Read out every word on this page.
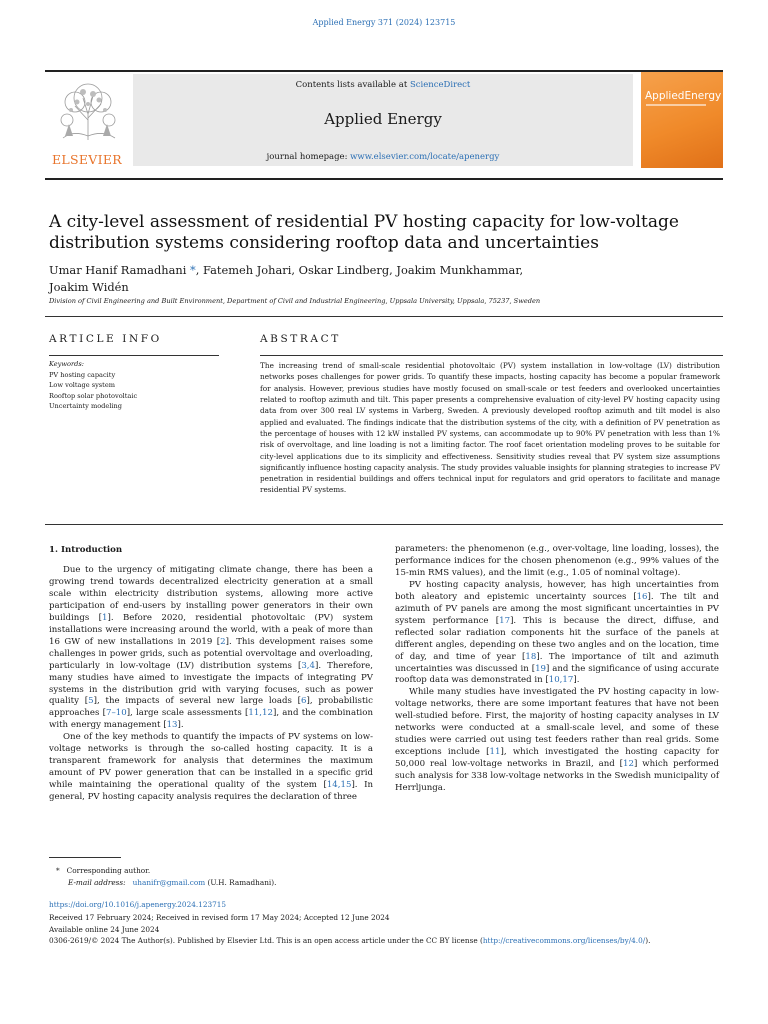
Applied Energy 371 (2024) 123715
ELSEVIER
Contents lists available at ScienceDirect
Applied Energy
journal homepage: www.elsevier.com/locate/apenergy
AppliedEnergy
A city-level assessment of residential PV hosting capacity for low-voltage distribution systems considering rooftop data and uncertainties
Umar Hanif Ramadhani *, Fatemeh Johari, Oskar Lindberg, Joakim Munkhammar,
Joakim Widén
Division of Civil Engineering and Built Environment, Department of Civil and Industrial Engineering, Uppsala University, Uppsala, 75237, Sweden
ARTICLE INFO
Keywords:
PV hosting capacity
Low voltage system
Rooftop solar photovoltaic
Uncertainty modeling
ABSTRACT

The increasing trend of small-scale residential photovoltaic (PV) system installation in low-voltage (LV) distribution networks poses challenges for power grids. To quantify these impacts, hosting capacity has become a popular framework for analysis. However, previous studies have mostly focused on small-scale or test feeders and overlooked uncertainties related to rooftop azimuth and tilt. This paper presents a comprehensive evaluation of city-level PV hosting capacity using data from over 300 real LV systems in Varberg, Sweden. A previously developed rooftop azimuth and tilt model is also applied and evaluated. The findings indicate that the distribution systems of the city, with a definition of PV penetration as the percentage of houses with 12 kW installed PV systems, can accommodate up to 90% PV penetration with less than 1% risk of overvoltage, and line loading is not a limiting factor. The roof facet orientation modeling proves to be suitable for city-level applications due to its simplicity and effectiveness. Sensitivity studies reveal that PV system size assumptions significantly influence hosting capacity analysis. The study provides valuable insights for planning strategies to increase PV penetration in residential buildings and offers technical input for regulators and grid operators to facilitate and manage residential PV systems.

1. Introduction

Due to the urgency of mitigating climate change, there has been a growing trend towards decentralized electricity generation at a small scale within electricity distribution systems, allowing more active participation of end-users by installing power generators in their own buildings [1]. Before 2020, residential photovoltaic (PV) system installations were increasing around the world, with a peak of more than 16 GW of new installations in 2019 [2]. This development raises some challenges in power grids, such as potential overvoltage and overloading, particularly in low-voltage (LV) distribution systems [3,4]. Therefore, many studies have aimed to investigate the impacts of integrating PV systems in the distribution grid with varying focuses, such as power quality [5], the impacts of several new large loads [6], probabilistic approaches [7–10], large scale assessments [11,12], and the combination with energy management [13].

One of the key methods to quantify the impacts of PV systems on low-voltage networks is through the so-called hosting capacity. It is a transparent framework for analysis that determines the maximum amount of PV power generation that can be installed in a specific grid while maintaining the operational quality of the system [14,15]. In general, PV hosting capacity analysis requires the declaration of three

parameters: the phenomenon (e.g., over-voltage, line loading, losses), the performance indices for the chosen phenomenon (e.g., 99% values of the 15-min RMS values), and the limit (e.g., 1.05 of nominal voltage).

PV hosting capacity analysis, however, has high uncertainties from both aleatory and epistemic uncertainty sources [16]. The tilt and azimuth of PV panels are among the most significant uncertainties in PV system performance [17]. This is because the direct, diffuse, and reflected solar radiation components hit the surface of the panels at different angles, depending on these two angles and on the location, time of day, and time of year [18]. The importance of tilt and azimuth uncertainties was discussed in [19] and the significance of using accurate rooftop data was demonstrated in [10,17].

While many studies have investigated the PV hosting capacity in low-voltage networks, there are some important features that have not been well-studied before. First, the majority of hosting capacity analyses in LV networks were conducted at a small-scale level, and some of these studies were carried out using test feeders rather than real grids. Some exceptions include [11], which investigated the hosting capacity for 50,000 real low-voltage networks in Brazil, and [12] which performed such analysis for 338 low-voltage networks in the Swedish municipality of Herrljunga.

* Corresponding author.
E-mail address: uhanifr@gmail.com (U.H. Ramadhani).
https://doi.org/10.1016/j.apenergy.2024.123715
Received 17 February 2024; Received in revised form 17 May 2024; Accepted 12 June 2024
Available online 24 June 2024
0306-2619/© 2024 The Author(s). Published by Elsevier Ltd. This is an open access article under the CC BY license (http://creativecommons.org/licenses/by/4.0/).
